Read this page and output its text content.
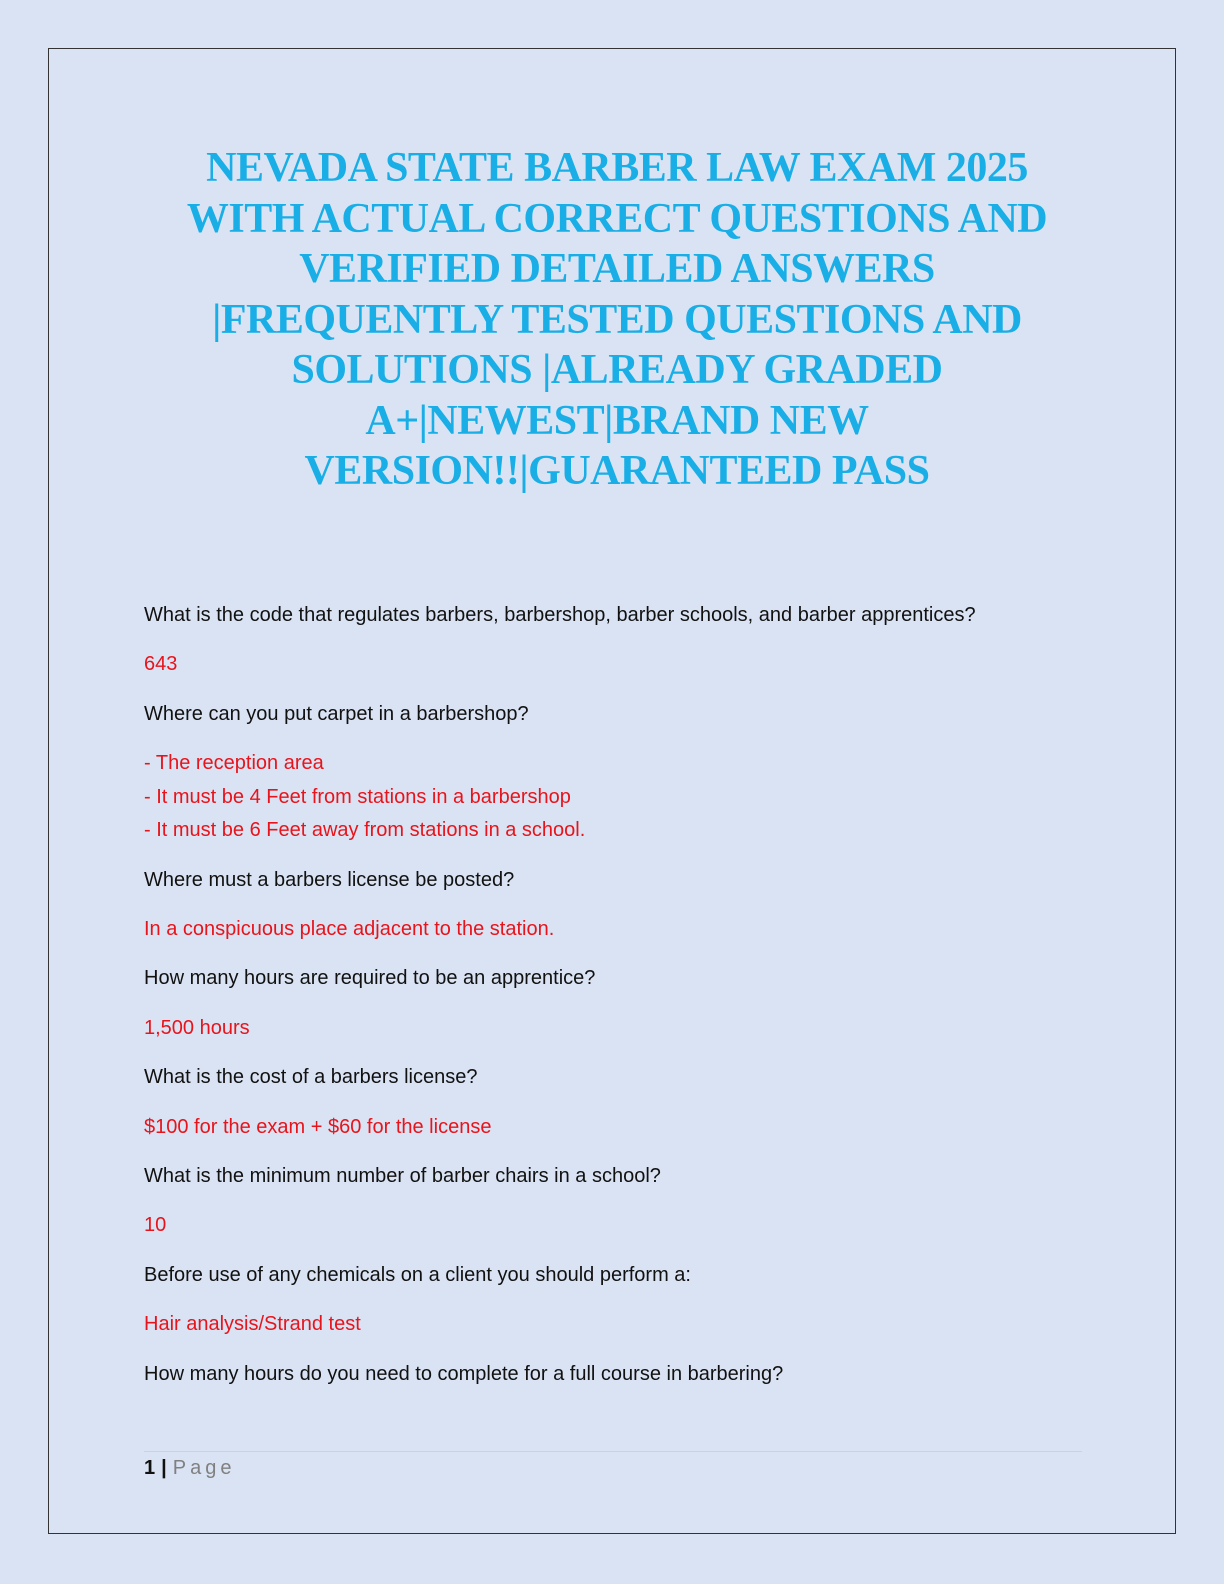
NEVADA STATE BARBER LAW EXAM 2025
WITH ACTUAL CORRECT QUESTIONS AND
VERIFIED DETAILED ANSWERS
|FREQUENTLY TESTED QUESTIONS AND
SOLUTIONS |ALREADY GRADED
A+|NEWEST|BRAND NEW
VERSION!!|GUARANTEED PASS
What is the code that regulates barbers, barbershop, barber schools, and barber apprentices?
643
Where can you put carpet in a barbershop?
- The reception area
- It must be 4 Feet from stations in a barbershop
- It must be 6 Feet away from stations in a school.
Where must a barbers license be posted?
In a conspicuous place adjacent to the station.
How many hours are required to be an apprentice?
1,500 hours
What is the cost of a barbers license?
$100 for the exam + $60 for the license
What is the minimum number of barber chairs in a school?
10
Before use of any chemicals on a client you should perform a:
Hair analysis/Strand test
How many hours do you need to complete for a full course in barbering?
1 | Page
